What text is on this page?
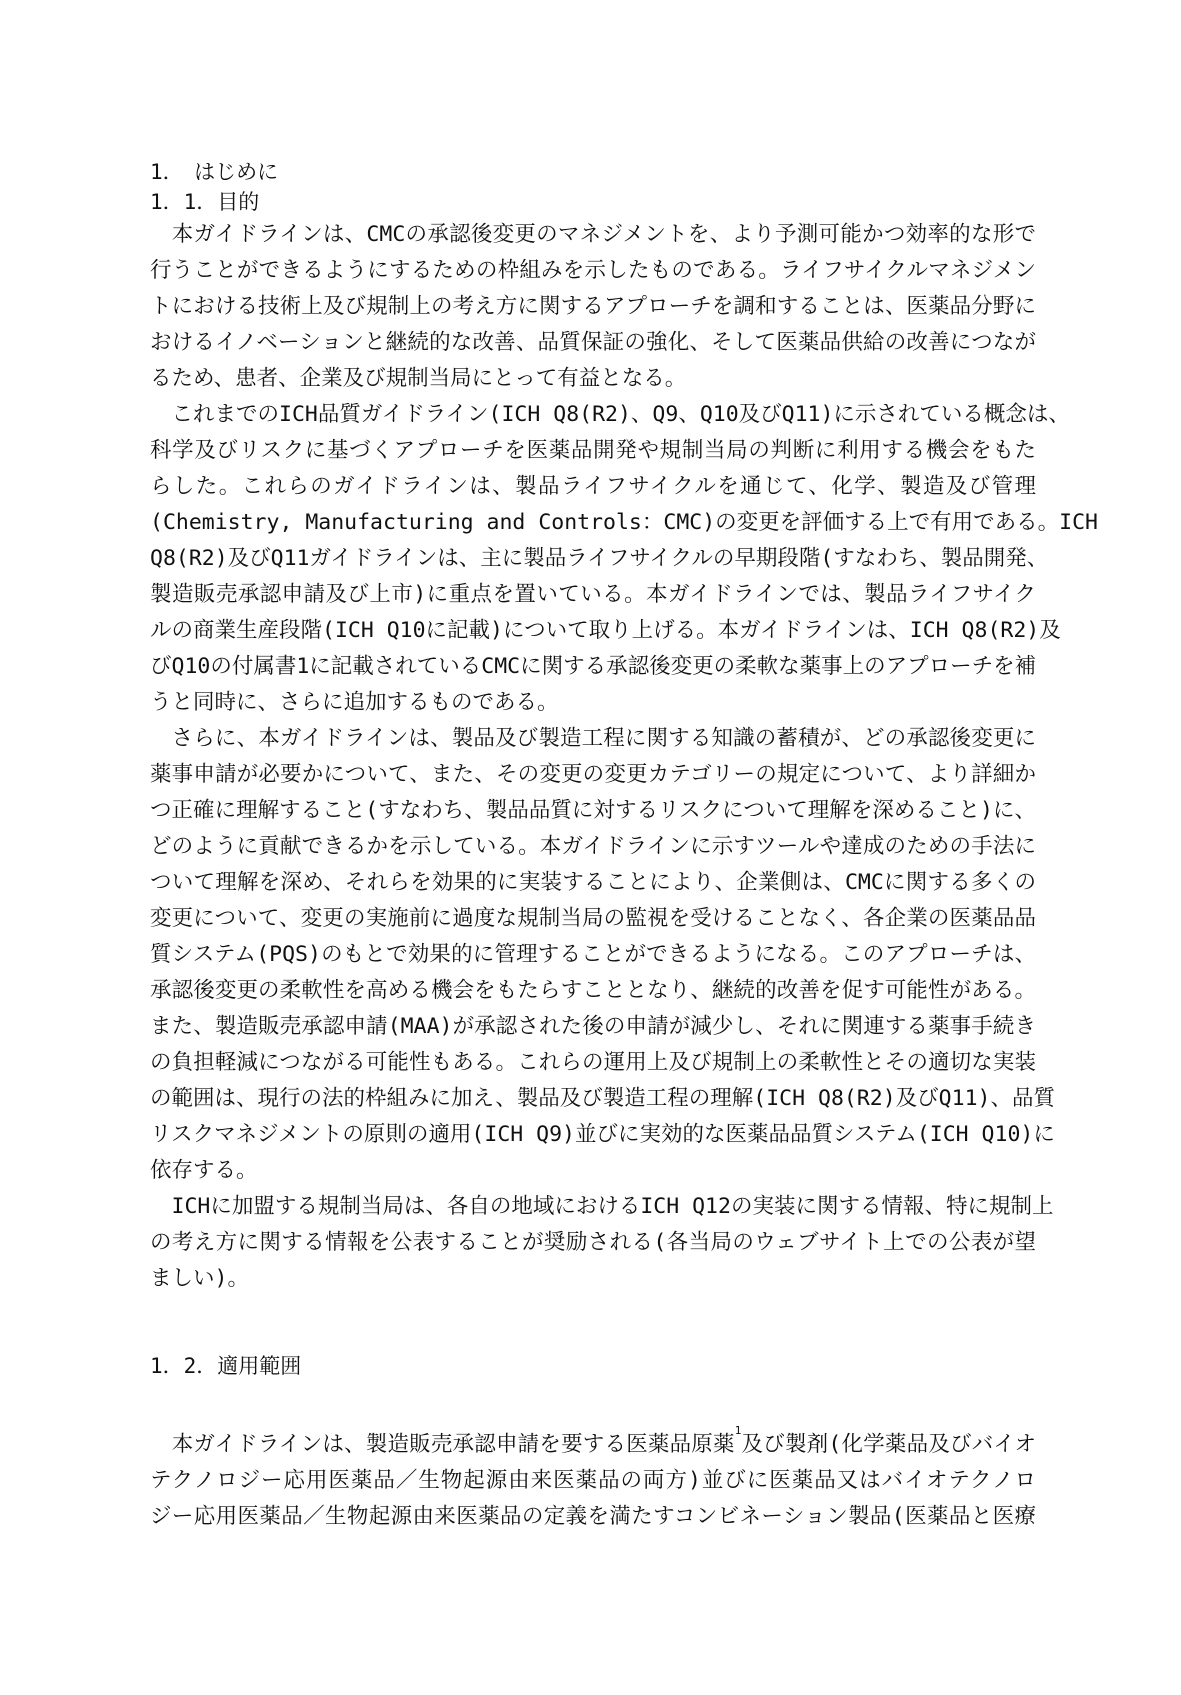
1．　はじめに
1．1．目的
　本ガイドラインは、CMCの承認後変更のマネジメントを、より予測可能かつ効率的な形で
行うことができるようにするための枠組みを示したものである。ライフサイクルマネジメン
トにおける技術上及び規制上の考え方に関するアプローチを調和することは、医薬品分野に
おけるイノベーションと継続的な改善、品質保証の強化、そして医薬品供給の改善につなが
るため、患者、企業及び規制当局にとって有益となる。
　これまでのICH品質ガイドライン(ICH Q8(R2)、Q9、Q10及びQ11)に示されている概念は、
科学及びリスクに基づくアプローチを医薬品開発や規制当局の判断に利用する機会をもた
らした。これらのガイドラインは、製品ライフサイクルを通じて、化学、製造及び管理
(Chemistry, Manufacturing and Controls：CMC)の変更を評価する上で有用である。ICH
Q8(R2)及びQ11ガイドラインは、主に製品ライフサイクルの早期段階(すなわち、製品開発、
製造販売承認申請及び上市)に重点を置いている。本ガイドラインでは、製品ライフサイク
ルの商業生産段階(ICH Q10に記載)について取り上げる。本ガイドラインは、ICH Q8(R2)及
びQ10の付属書1に記載されているCMCに関する承認後変更の柔軟な薬事上のアプローチを補
うと同時に、さらに追加するものである。
　さらに、本ガイドラインは、製品及び製造工程に関する知識の蓄積が、どの承認後変更に
薬事申請が必要かについて、また、その変更の変更カテゴリーの規定について、より詳細か
つ正確に理解すること(すなわち、製品品質に対するリスクについて理解を深めること)に、
どのように貢献できるかを示している。本ガイドラインに示すツールや達成のための手法に
ついて理解を深め、それらを効果的に実装することにより、企業側は、CMCに関する多くの
変更について、変更の実施前に過度な規制当局の監視を受けることなく、各企業の医薬品品
質システム(PQS)のもとで効果的に管理することができるようになる。このアプローチは、
承認後変更の柔軟性を高める機会をもたらすこととなり、継続的改善を促す可能性がある。
また、製造販売承認申請(MAA)が承認された後の申請が減少し、それに関連する薬事手続き
の負担軽減につながる可能性もある。これらの運用上及び規制上の柔軟性とその適切な実装
の範囲は、現行の法的枠組みに加え、製品及び製造工程の理解(ICH Q8(R2)及びQ11)、品質
リスクマネジメントの原則の適用(ICH Q9)並びに実効的な医薬品品質システム(ICH Q10)に
依存する。
　ICHに加盟する規制当局は、各自の地域におけるICH Q12の実装に関する情報、特に規制上
の考え方に関する情報を公表することが奨励される(各当局のウェブサイト上での公表が望
ましい)。
1．2．適用範囲
　本ガイドラインは、製造販売承認申請を要する医薬品原薬$^1$及び製剤(化学薬品及びバイオ
テクノロジー応用医薬品／生物起源由来医薬品の両方)並びに医薬品又はバイオテクノロ
ジー応用医薬品／生物起源由来医薬品の定義を満たすコンビネーション製品(医薬品と医療
